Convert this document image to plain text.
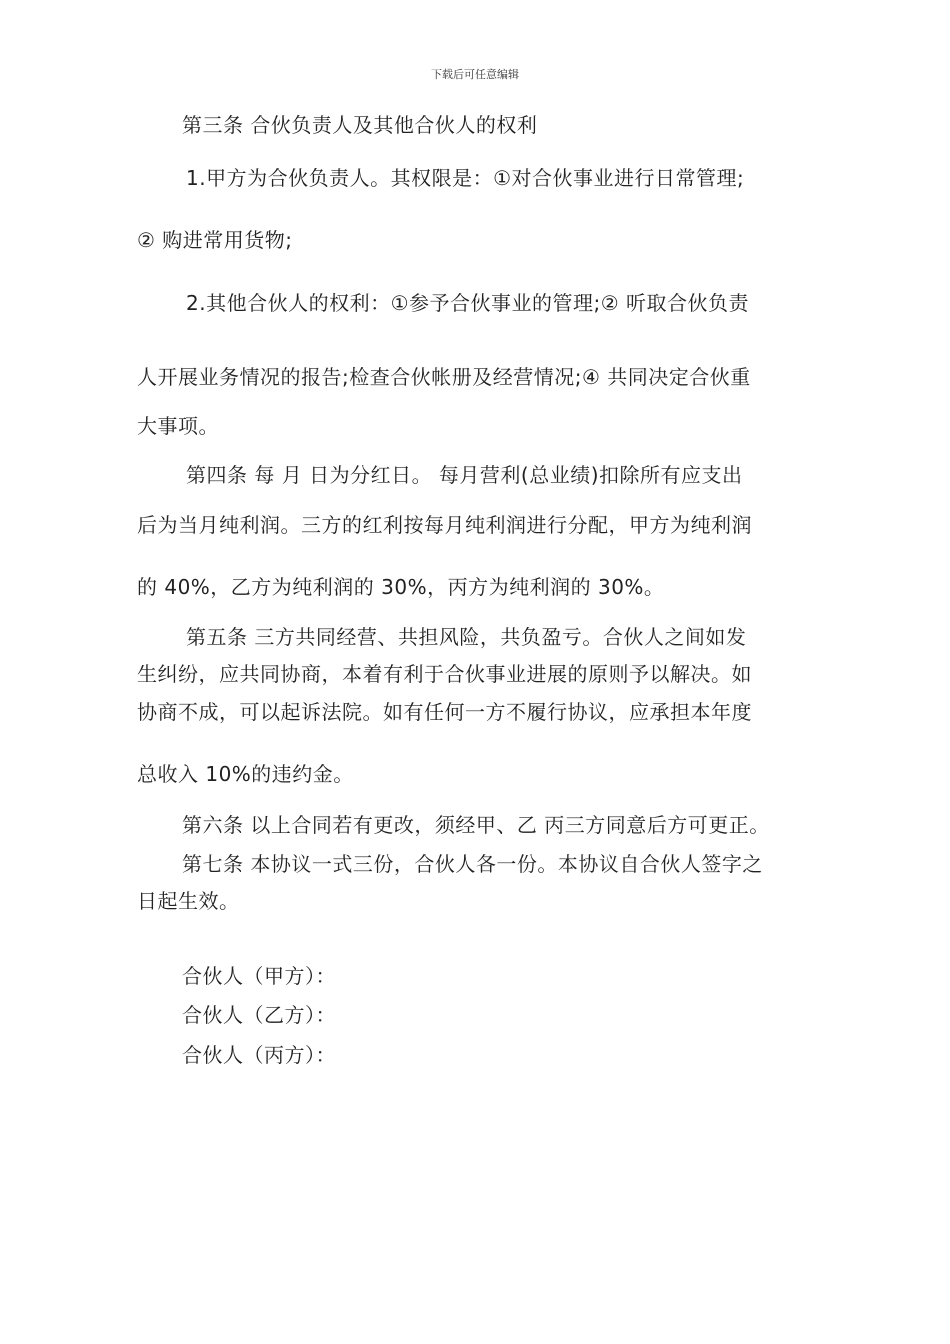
下载后可任意编辑
第三条 合伙负责人及其他合伙人的权利
1.甲方为合伙负责人。其权限是：①对合伙事业进行日常管理;
② 购进常用货物;
2.其他合伙人的权利：①参予合伙事业的管理;② 听取合伙负责
人开展业务情况的报告;检查合伙帐册及经营情况;④ 共同决定合伙重
大事项。
第四条 每 月 日为分红日。 每月营利(总业绩)扣除所有应支出
后为当月纯利润。三方的红利按每月纯利润进行分配，甲方为纯利润
的 40%，乙方为纯利润的 30%，丙方为纯利润的 30%。
第五条 三方共同经营、共担风险，共负盈亏。合伙人之间如发
生纠纷，应共同协商，本着有利于合伙事业进展的原则予以解决。如
协商不成，可以起诉法院。如有任何一方不履行协议，应承担本年度
总收入 10%的违约金。
第六条 以上合同若有更改，须经甲、乙 丙三方同意后方可更正。
第七条 本协议一式三份，合伙人各一份。本协议自合伙人签字之
日起生效。
合伙人（甲方）：
合伙人（乙方）：
合伙人（丙方）：
